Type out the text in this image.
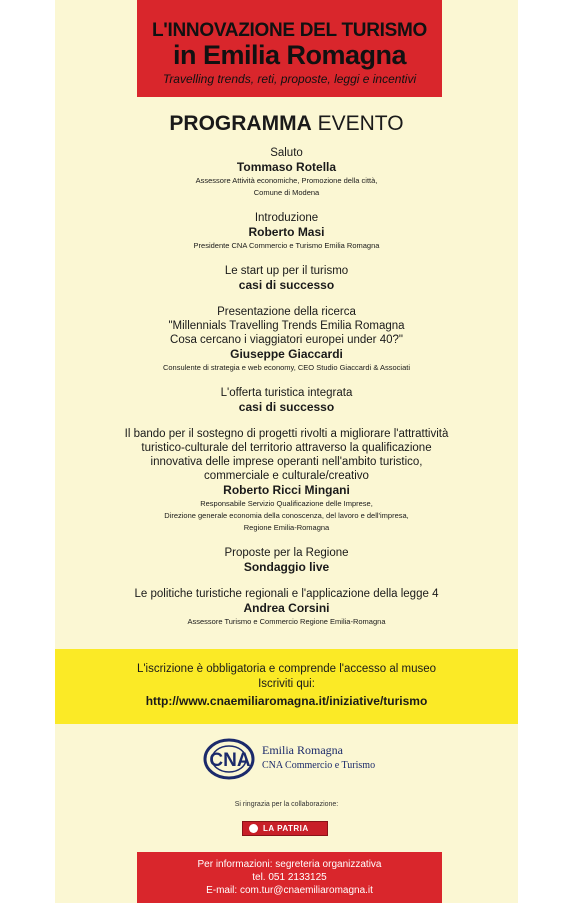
L'INNOVAZIONE DEL TURISMO
in Emilia Romagna
Travelling trends, reti, proposte, leggi e incentivi
PROGRAMMA EVENTO
Saluto
Tommaso Rotella
Assessore Attività economiche, Promozione della città,
Comune di Modena
Introduzione
Roberto Masi
Presidente CNA Commercio e Turismo Emilia Romagna
Le start up per il turismo
casi di successo
Presentazione della ricerca
"Millennials Travelling Trends Emilia Romagna
Cosa cercano i viaggiatori europei under 40?"
Giuseppe Giaccardi
Consulente di strategia e web economy, CEO Studio Giaccardi & Associati
L'offerta turistica integrata
casi di successo
Il bando per il sostegno di progetti rivolti a migliorare l'attrattività
turistico-culturale del territorio attraverso la qualificazione
innovativa delle imprese operanti nell'ambito turistico,
commerciale e culturale/creativo
Roberto Ricci Mingani
Responsabile Servizio Qualificazione delle Imprese,
Direzione generale economia della conoscenza, del lavoro e dell'impresa,
Regione Emilia-Romagna
Proposte per la Regione
Sondaggio live
Le politiche turistiche regionali e l'applicazione della legge 4
Andrea Corsini
Assessore Turismo e Commercio Regione Emilia-Romagna
L'iscrizione è obbligatoria e comprende l'accesso al museo
Iscriviti qui:
http://www.cnaemiliaromagna.it/iniziative/turismo
CNA Emilia Romagna
CNA Commercio e Turismo
Si ringrazia per la collaborazione:
LA PATRIA
Per informazioni: segreteria organizzativa
tel. 051 2133125
E-mail: com.tur@cnaemiliaromagna.it
